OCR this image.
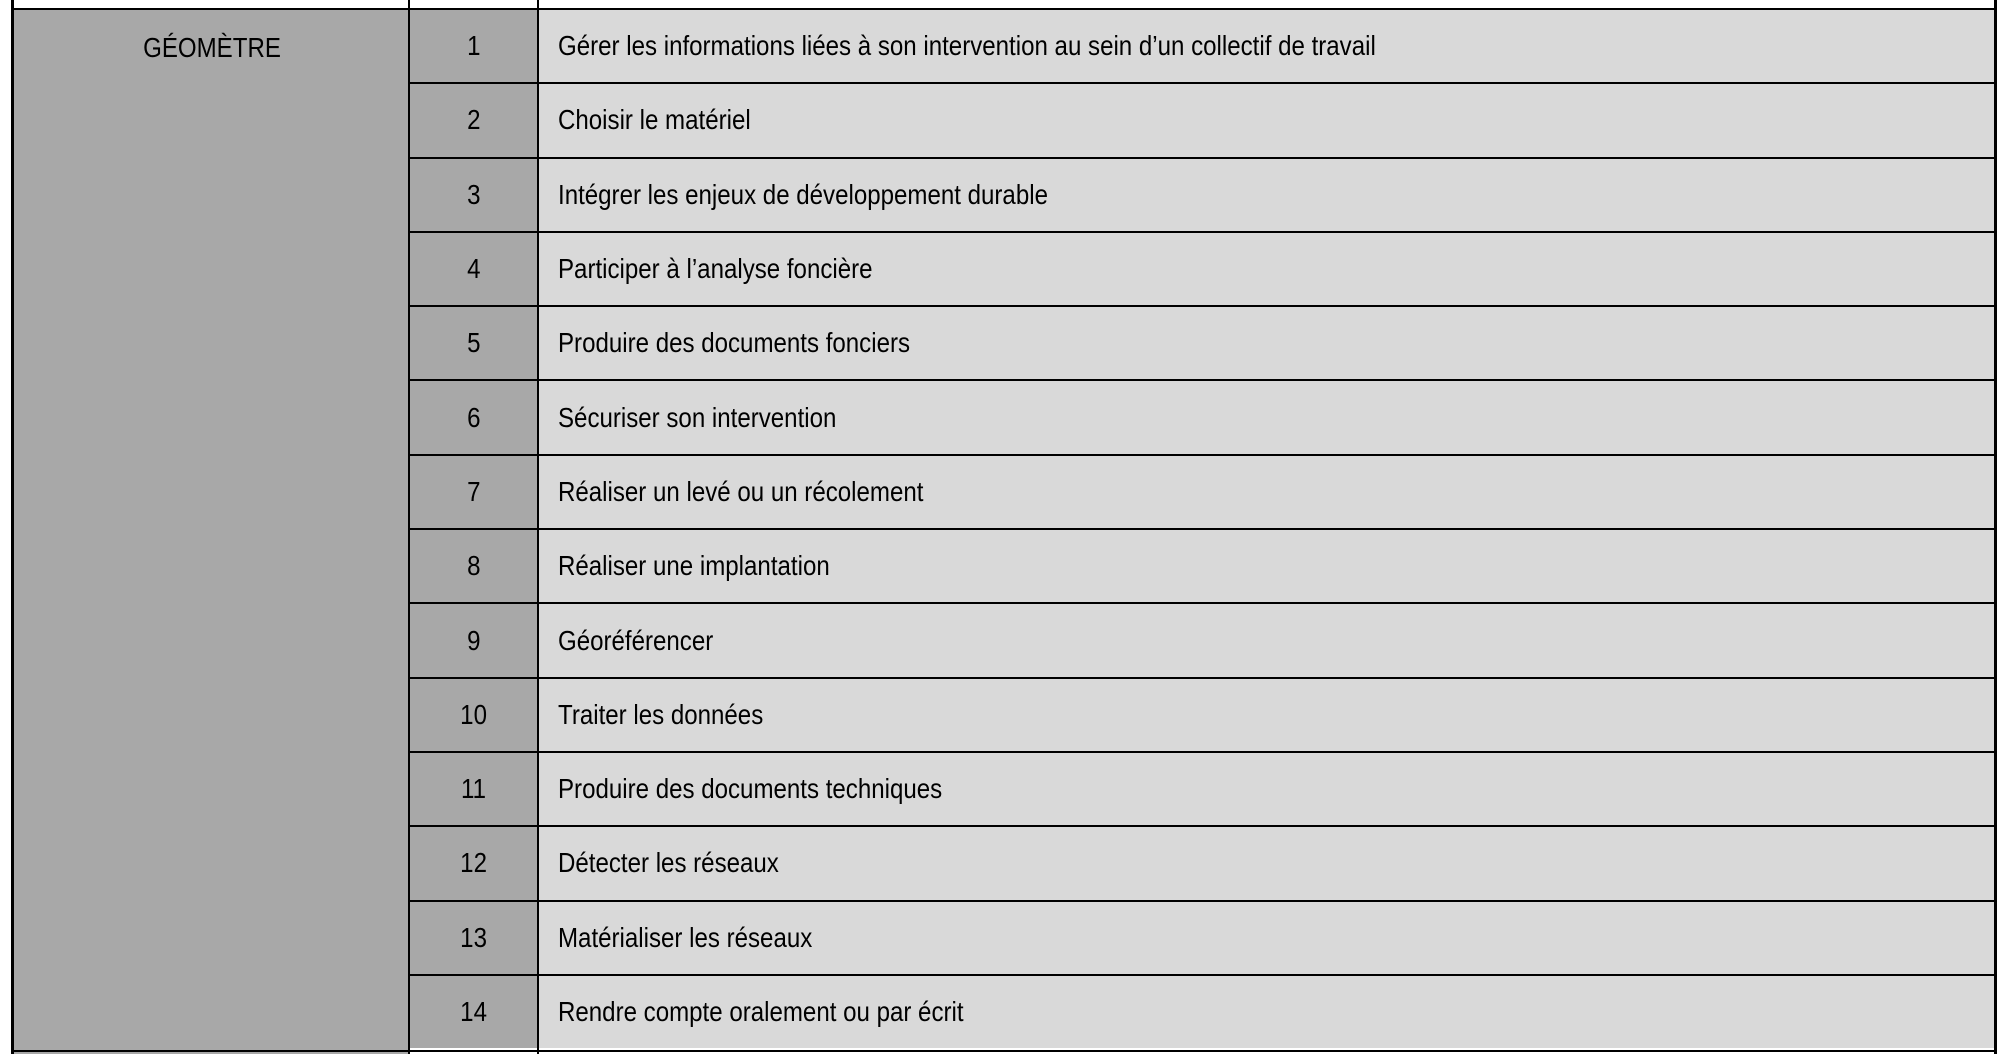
GÉOMÈTRE	1	Gérer les informations liées à son intervention au sein d’un collectif de travail
2	Choisir le matériel
3	Intégrer les enjeux de développement durable
4	Participer à l’analyse foncière
5	Produire des documents fonciers
6	Sécuriser son intervention
7	Réaliser un levé ou un récolement
8	Réaliser une implantation
9	Géoréférencer
10	Traiter les données
11	Produire des documents techniques
12	Détecter les réseaux
13	Matérialiser les réseaux
14	Rendre compte oralement ou par écrit
